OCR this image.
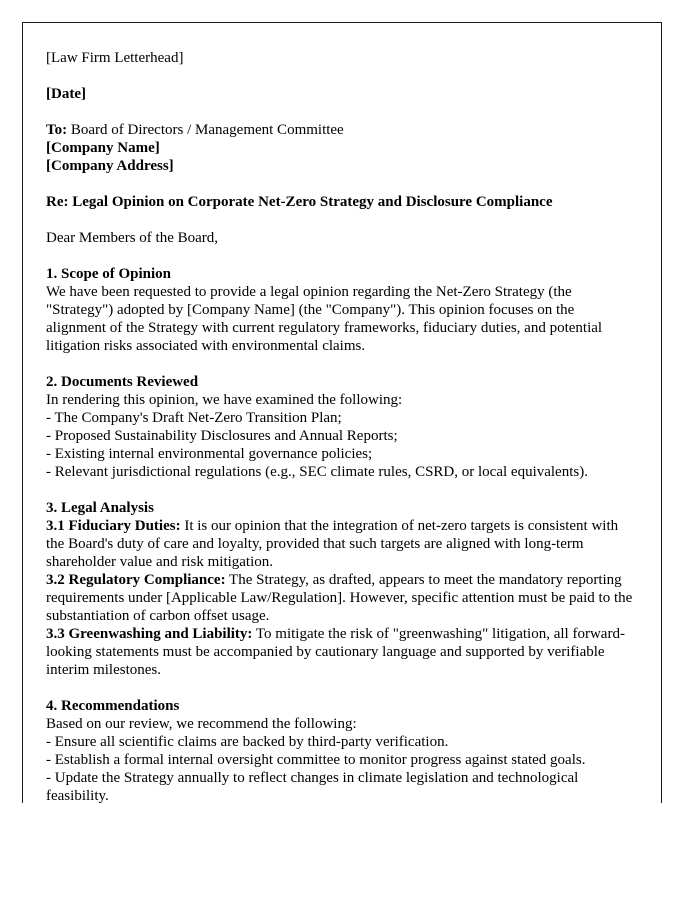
[Law Firm Letterhead]

[Date]

To: Board of Directors / Management Committee

[Company Name]

[Company Address]

Re: Legal Opinion on Corporate Net-Zero Strategy and Disclosure Compliance

Dear Members of the Board,

1. Scope of Opinion

We have been requested to provide a legal opinion regarding the Net-Zero Strategy (the "Strategy") adopted by [Company Name] (the "Company"). This opinion focuses on the alignment of the Strategy with current regulatory frameworks, fiduciary duties, and potential litigation risks associated with environmental claims.

2. Documents Reviewed

In rendering this opinion, we have examined the following:

- The Company's Draft Net-Zero Transition Plan;

- Proposed Sustainability Disclosures and Annual Reports;

- Existing internal environmental governance policies;

- Relevant jurisdictional regulations (e.g., SEC climate rules, CSRD, or local equivalents).

3. Legal Analysis

3.1 Fiduciary Duties: It is our opinion that the integration of net-zero targets is consistent with the Board's duty of care and loyalty, provided that such targets are aligned with long-term shareholder value and risk mitigation.

3.2 Regulatory Compliance: The Strategy, as drafted, appears to meet the mandatory reporting requirements under [Applicable Law/Regulation]. However, specific attention must be paid to the substantiation of carbon offset usage.

3.3 Greenwashing and Liability: To mitigate the risk of "greenwashing" litigation, all forward-looking statements must be accompanied by cautionary language and supported by verifiable interim milestones.

4. Recommendations

Based on our review, we recommend the following:

- Ensure all scientific claims are backed by third-party verification.

- Establish a formal internal oversight committee to monitor progress against stated goals.

- Update the Strategy annually to reflect changes in climate legislation and technological feasibility.
